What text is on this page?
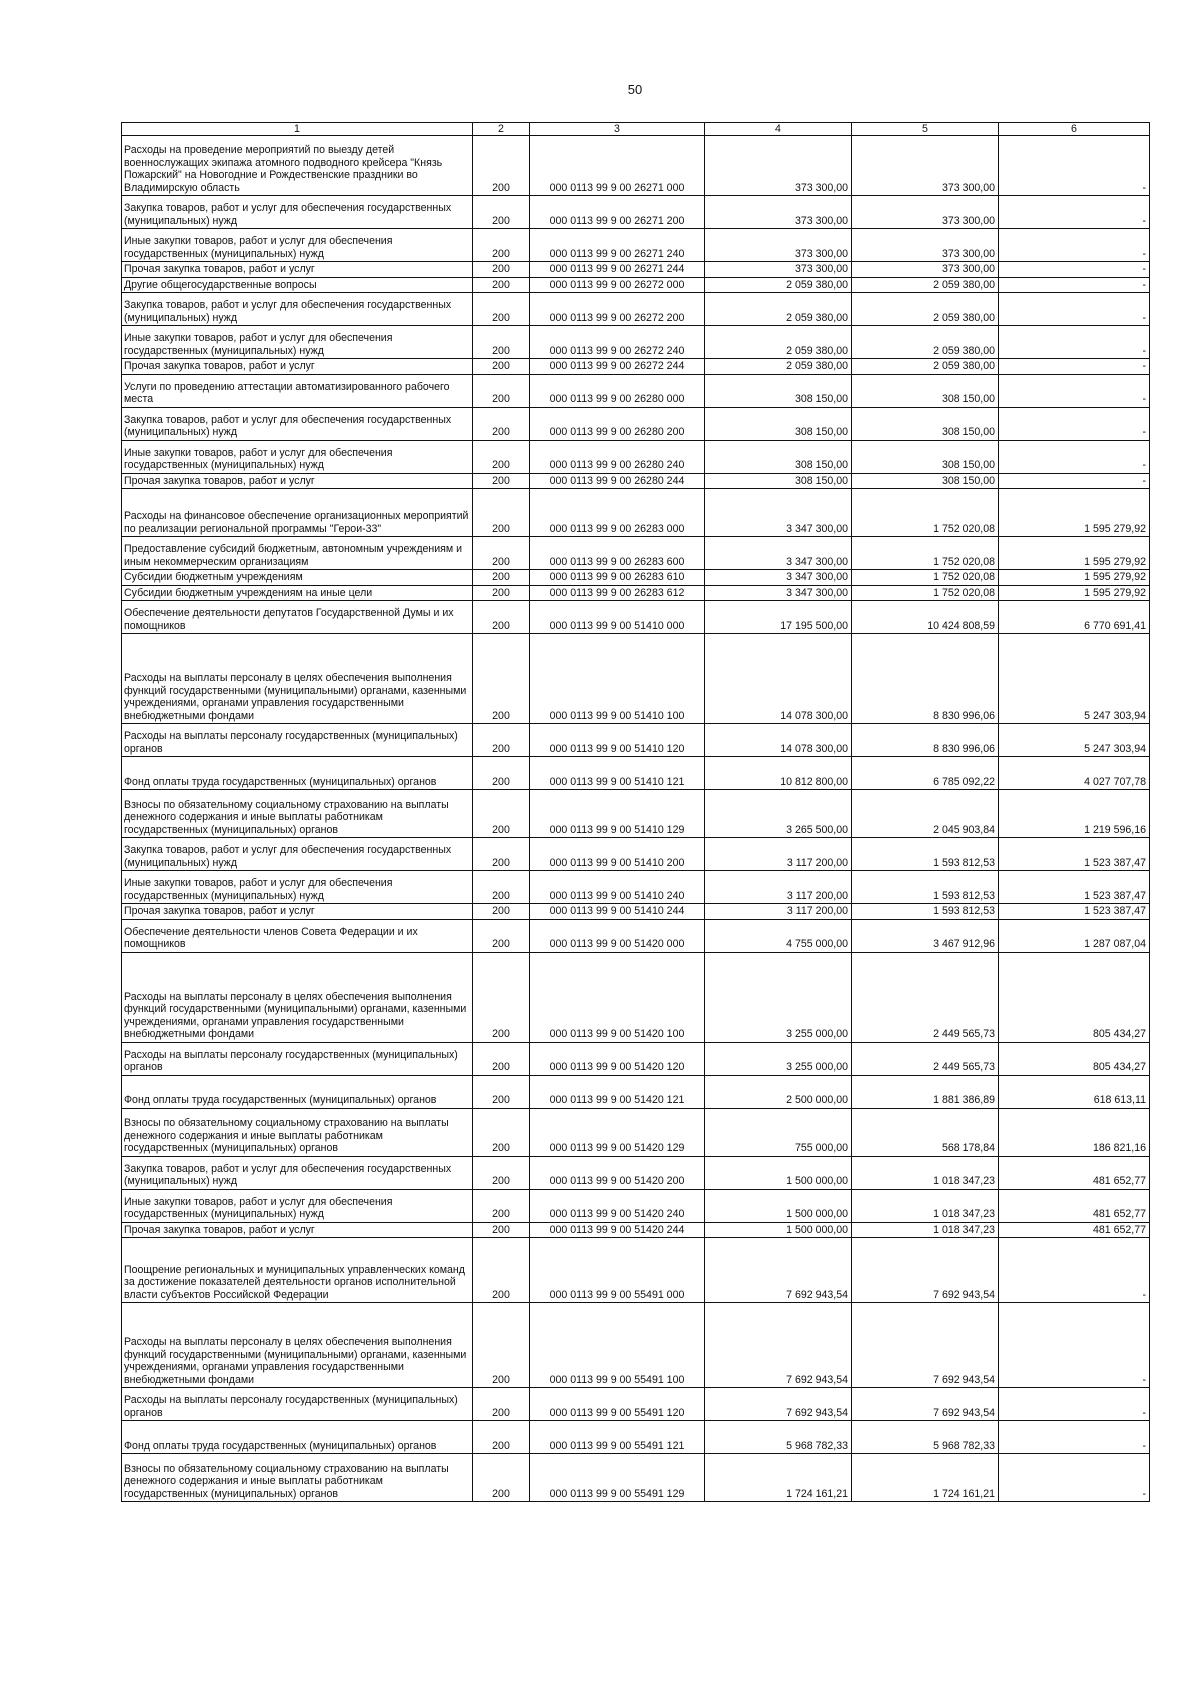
50
1	2	3	4	5	6
Расходы на проведение мероприятий по выезду детей военнослужащих экипажа атомного подводного крейсера "Князь Пожарский" на Новогодние и Рождественские праздники во Владимирскую область	200	000 0113 99 9 00 26271 000	373 300,00	373 300,00	-
Закупка товаров, работ и услуг для обеспечения государственных (муниципальных) нужд	200	000 0113 99 9 00 26271 200	373 300,00	373 300,00	-
Иные закупки товаров, работ и услуг для обеспечения государственных (муниципальных) нужд	200	000 0113 99 9 00 26271 240	373 300,00	373 300,00	-
Прочая закупка товаров, работ и услуг	200	000 0113 99 9 00 26271 244	373 300,00	373 300,00	-
Другие общегосударственные вопросы	200	000 0113 99 9 00 26272 000	2 059 380,00	2 059 380,00	-
Закупка товаров, работ и услуг для обеспечения государственных (муниципальных) нужд	200	000 0113 99 9 00 26272 200	2 059 380,00	2 059 380,00	-
Иные закупки товаров, работ и услуг для обеспечения государственных (муниципальных) нужд	200	000 0113 99 9 00 26272 240	2 059 380,00	2 059 380,00	-
Прочая закупка товаров, работ и услуг	200	000 0113 99 9 00 26272 244	2 059 380,00	2 059 380,00	-
Услуги по проведению аттестации автоматизированного рабочего места	200	000 0113 99 9 00 26280 000	308 150,00	308 150,00	-
Закупка товаров, работ и услуг для обеспечения государственных (муниципальных) нужд	200	000 0113 99 9 00 26280 200	308 150,00	308 150,00	-
Иные закупки товаров, работ и услуг для обеспечения государственных (муниципальных) нужд	200	000 0113 99 9 00 26280 240	308 150,00	308 150,00	-
Прочая закупка товаров, работ и услуг	200	000 0113 99 9 00 26280 244	308 150,00	308 150,00	-
Расходы на финансовое обеспечение организационных мероприятий по реализации региональной программы "Герои-33"	200	000 0113 99 9 00 26283 000	3 347 300,00	1 752 020,08	1 595 279,92
Предоставление субсидий бюджетным, автономным учреждениям и иным некоммерческим организациям	200	000 0113 99 9 00 26283 600	3 347 300,00	1 752 020,08	1 595 279,92
Субсидии бюджетным учреждениям	200	000 0113 99 9 00 26283 610	3 347 300,00	1 752 020,08	1 595 279,92
Субсидии бюджетным учреждениям на иные цели	200	000 0113 99 9 00 26283 612	3 347 300,00	1 752 020,08	1 595 279,92
Обеспечение деятельности депутатов Государственной Думы и их помощников	200	000 0113 99 9 00 51410 000	17 195 500,00	10 424 808,59	6 770 691,41
Расходы на выплаты персоналу в целях обеспечения выполнения функций государственными (муниципальными) органами, казенными учреждениями, органами управления государственными внебюджетными фондами	200	000 0113 99 9 00 51410 100	14 078 300,00	8 830 996,06	5 247 303,94
Расходы на выплаты персоналу государственных (муниципальных) органов	200	000 0113 99 9 00 51410 120	14 078 300,00	8 830 996,06	5 247 303,94
Фонд оплаты труда государственных (муниципальных) органов	200	000 0113 99 9 00 51410 121	10 812 800,00	6 785 092,22	4 027 707,78
Взносы по обязательному социальному страхованию на выплаты денежного содержания и иные выплаты работникам государственных (муниципальных) органов	200	000 0113 99 9 00 51410 129	3 265 500,00	2 045 903,84	1 219 596,16
Закупка товаров, работ и услуг для обеспечения государственных (муниципальных) нужд	200	000 0113 99 9 00 51410 200	3 117 200,00	1 593 812,53	1 523 387,47
Иные закупки товаров, работ и услуг для обеспечения государственных (муниципальных) нужд	200	000 0113 99 9 00 51410 240	3 117 200,00	1 593 812,53	1 523 387,47
Прочая закупка товаров, работ и услуг	200	000 0113 99 9 00 51410 244	3 117 200,00	1 593 812,53	1 523 387,47
Обеспечение деятельности членов Совета Федерации и их помощников	200	000 0113 99 9 00 51420 000	4 755 000,00	3 467 912,96	1 287 087,04
Расходы на выплаты персоналу в целях обеспечения выполнения функций государственными (муниципальными) органами, казенными учреждениями, органами управления государственными внебюджетными фондами	200	000 0113 99 9 00 51420 100	3 255 000,00	2 449 565,73	805 434,27
Расходы на выплаты персоналу государственных (муниципальных) органов	200	000 0113 99 9 00 51420 120	3 255 000,00	2 449 565,73	805 434,27
Фонд оплаты труда государственных (муниципальных) органов	200	000 0113 99 9 00 51420 121	2 500 000,00	1 881 386,89	618 613,11
Взносы по обязательному социальному страхованию на выплаты денежного содержания и иные выплаты работникам государственных (муниципальных) органов	200	000 0113 99 9 00 51420 129	755 000,00	568 178,84	186 821,16
Закупка товаров, работ и услуг для обеспечения государственных (муниципальных) нужд	200	000 0113 99 9 00 51420 200	1 500 000,00	1 018 347,23	481 652,77
Иные закупки товаров, работ и услуг для обеспечения государственных (муниципальных) нужд	200	000 0113 99 9 00 51420 240	1 500 000,00	1 018 347,23	481 652,77
Прочая закупка товаров, работ и услуг	200	000 0113 99 9 00 51420 244	1 500 000,00	1 018 347,23	481 652,77
Поощрение региональных и муниципальных управленческих команд за достижение показателей деятельности органов исполнительной власти субъектов Российской Федерации	200	000 0113 99 9 00 55491 000	7 692 943,54	7 692 943,54	-
Расходы на выплаты персоналу в целях обеспечения выполнения функций государственными (муниципальными) органами, казенными учреждениями, органами управления государственными внебюджетными фондами	200	000 0113 99 9 00 55491 100	7 692 943,54	7 692 943,54	-
Расходы на выплаты персоналу государственных (муниципальных) органов	200	000 0113 99 9 00 55491 120	7 692 943,54	7 692 943,54	-
Фонд оплаты труда государственных (муниципальных) органов	200	000 0113 99 9 00 55491 121	5 968 782,33	5 968 782,33	-
Взносы по обязательному социальному страхованию на выплаты денежного содержания и иные выплаты работникам государственных (муниципальных) органов	200	000 0113 99 9 00 55491 129	1 724 161,21	1 724 161,21	-
